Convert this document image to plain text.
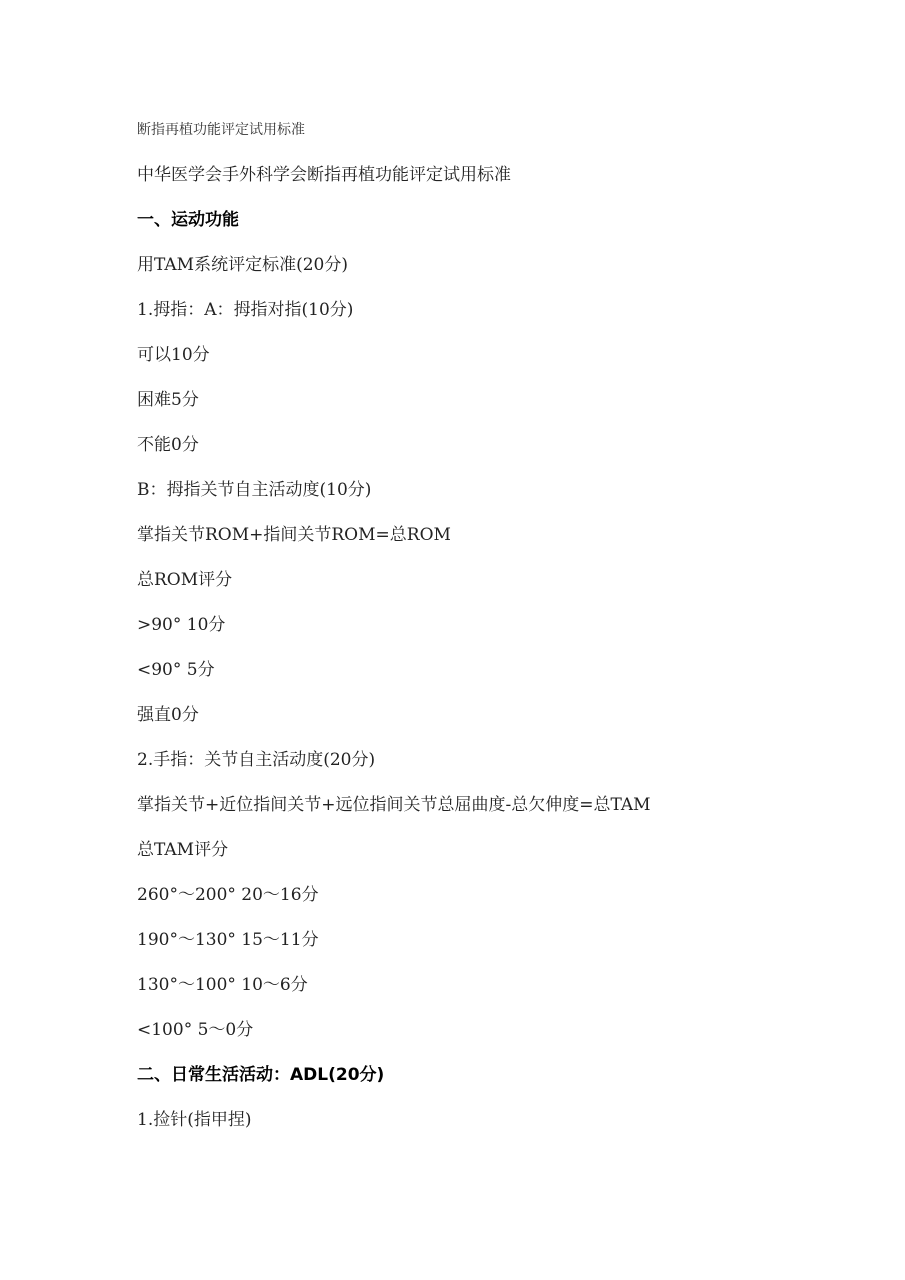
断指再植功能评定试用标准
中华医学会手外科学会断指再植功能评定试用标准
一、运动功能
用TAM系统评定标准(20分)
1.拇指：A：拇指对指(10分)
可以10分
困难5分
不能0分
B：拇指关节自主活动度(10分)
掌指关节ROM+指间关节ROM=总ROM
总ROM评分
>90° 10分
<90° 5分
强直0分
2.手指：关节自主活动度(20分)
掌指关节+近位指间关节+远位指间关节总屈曲度-总欠伸度=总TAM
总TAM评分
260°～200° 20～16分
190°～130° 15～11分
130°～100° 10～6分
<100° 5～0分
二、日常生活活动：ADL(20分)
1.捡针(指甲捏)
